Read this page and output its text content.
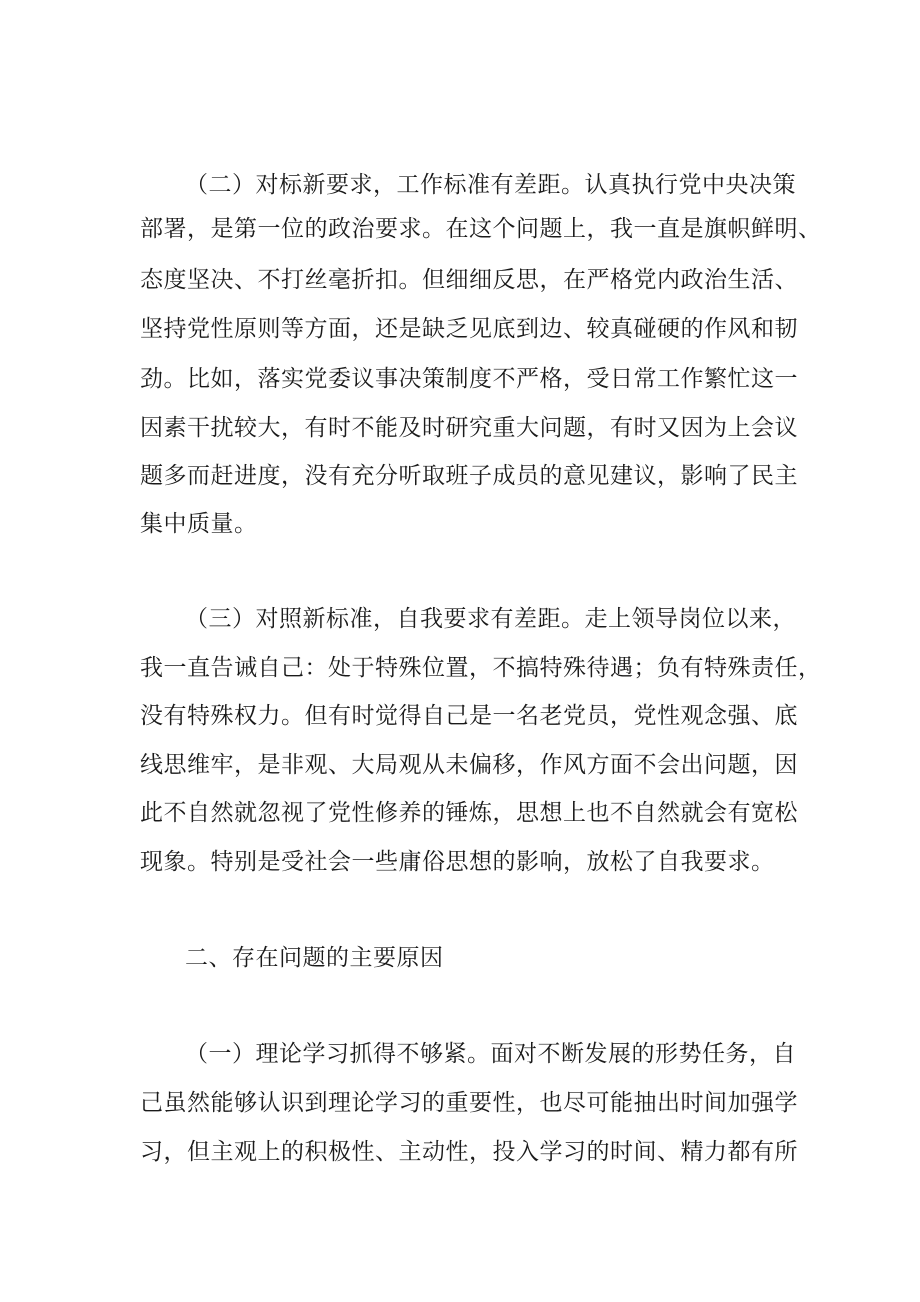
（二）对标新要求，工作标准有差距。认真执行党中央决策

部署，是第一位的政治要求。在这个问题上，我一直是旗帜鲜明、

态度坚决、不打丝毫折扣。但细细反思，在严格党内政治生活、

坚持党性原则等方面，还是缺乏见底到边、较真碰硬的作风和韧

劲。比如，落实党委议事决策制度不严格，受日常工作繁忙这一

因素干扰较大，有时不能及时研究重大问题，有时又因为上会议

题多而赶进度，没有充分听取班子成员的意见建议，影响了民主

集中质量。

（三）对照新标准，自我要求有差距。走上领导岗位以来，

我一直告诫自己：处于特殊位置，不搞特殊待遇；负有特殊责任，

没有特殊权力。但有时觉得自己是一名老党员，党性观念强、底

线思维牢，是非观、大局观从未偏移，作风方面不会出问题，因

此不自然就忽视了党性修养的锤炼，思想上也不自然就会有宽松

现象。特别是受社会一些庸俗思想的影响，放松了自我要求。

二、存在问题的主要原因

（一）理论学习抓得不够紧。面对不断发展的形势任务，自

己虽然能够认识到理论学习的重要性，也尽可能抽出时间加强学

习，但主观上的积极性、主动性，投入学习的时间、精力都有所
